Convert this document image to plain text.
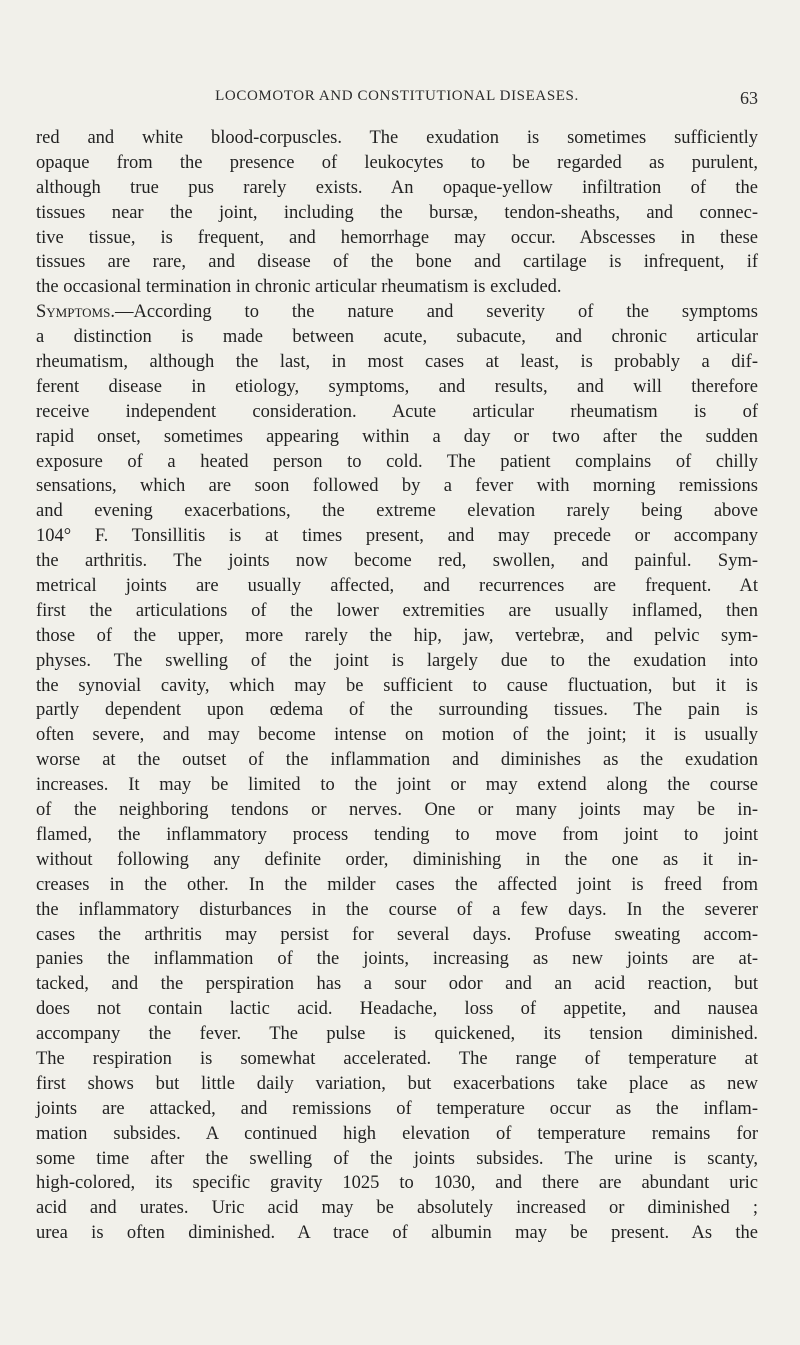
LOCOMOTOR AND CONSTITUTIONAL DISEASES.	63
red and white blood-corpuscles. The exudation is sometimes sufficiently
opaque from the presence of leukocytes to be regarded as purulent,
although true pus rarely exists. An opaque-yellow infiltration of the
tissues near the joint, including the bursæ, tendon-sheaths, and connec-
tive tissue, is frequent, and hemorrhage may occur. Abscesses in these
tissues are rare, and disease of the bone and cartilage is infrequent, if
the occasional termination in chronic articular rheumatism is excluded.
Symptoms.—According to the nature and severity of the symptoms
a distinction is made between acute, subacute, and chronic articular
rheumatism, although the last, in most cases at least, is probably a dif-
ferent disease in etiology, symptoms, and results, and will therefore
receive independent consideration. Acute articular rheumatism is of
rapid onset, sometimes appearing within a day or two after the sudden
exposure of a heated person to cold. The patient complains of chilly
sensations, which are soon followed by a fever with morning remissions
and evening exacerbations, the extreme elevation rarely being above
104° F. Tonsillitis is at times present, and may precede or accompany
the arthritis. The joints now become red, swollen, and painful. Sym-
metrical joints are usually affected, and recurrences are frequent. At
first the articulations of the lower extremities are usually inflamed, then
those of the upper, more rarely the hip, jaw, vertebræ, and pelvic sym-
physes. The swelling of the joint is largely due to the exudation into
the synovial cavity, which may be sufficient to cause fluctuation, but it is
partly dependent upon œdema of the surrounding tissues. The pain is
often severe, and may become intense on motion of the joint; it is usually
worse at the outset of the inflammation and diminishes as the exudation
increases. It may be limited to the joint or may extend along the course
of the neighboring tendons or nerves. One or many joints may be in-
flamed, the inflammatory process tending to move from joint to joint
without following any definite order, diminishing in the one as it in-
creases in the other. In the milder cases the affected joint is freed from
the inflammatory disturbances in the course of a few days. In the severer
cases the arthritis may persist for several days. Profuse sweating accom-
panies the inflammation of the joints, increasing as new joints are at-
tacked, and the perspiration has a sour odor and an acid reaction, but
does not contain lactic acid. Headache, loss of appetite, and nausea
accompany the fever. The pulse is quickened, its tension diminished.
The respiration is somewhat accelerated. The range of temperature at
first shows but little daily variation, but exacerbations take place as new
joints are attacked, and remissions of temperature occur as the inflam-
mation subsides. A continued high elevation of temperature remains for
some time after the swelling of the joints subsides. The urine is scanty,
high-colored, its specific gravity 1025 to 1030, and there are abundant uric
acid and urates. Uric acid may be absolutely increased or diminished ;
urea is often diminished. A trace of albumin may be present. As the
